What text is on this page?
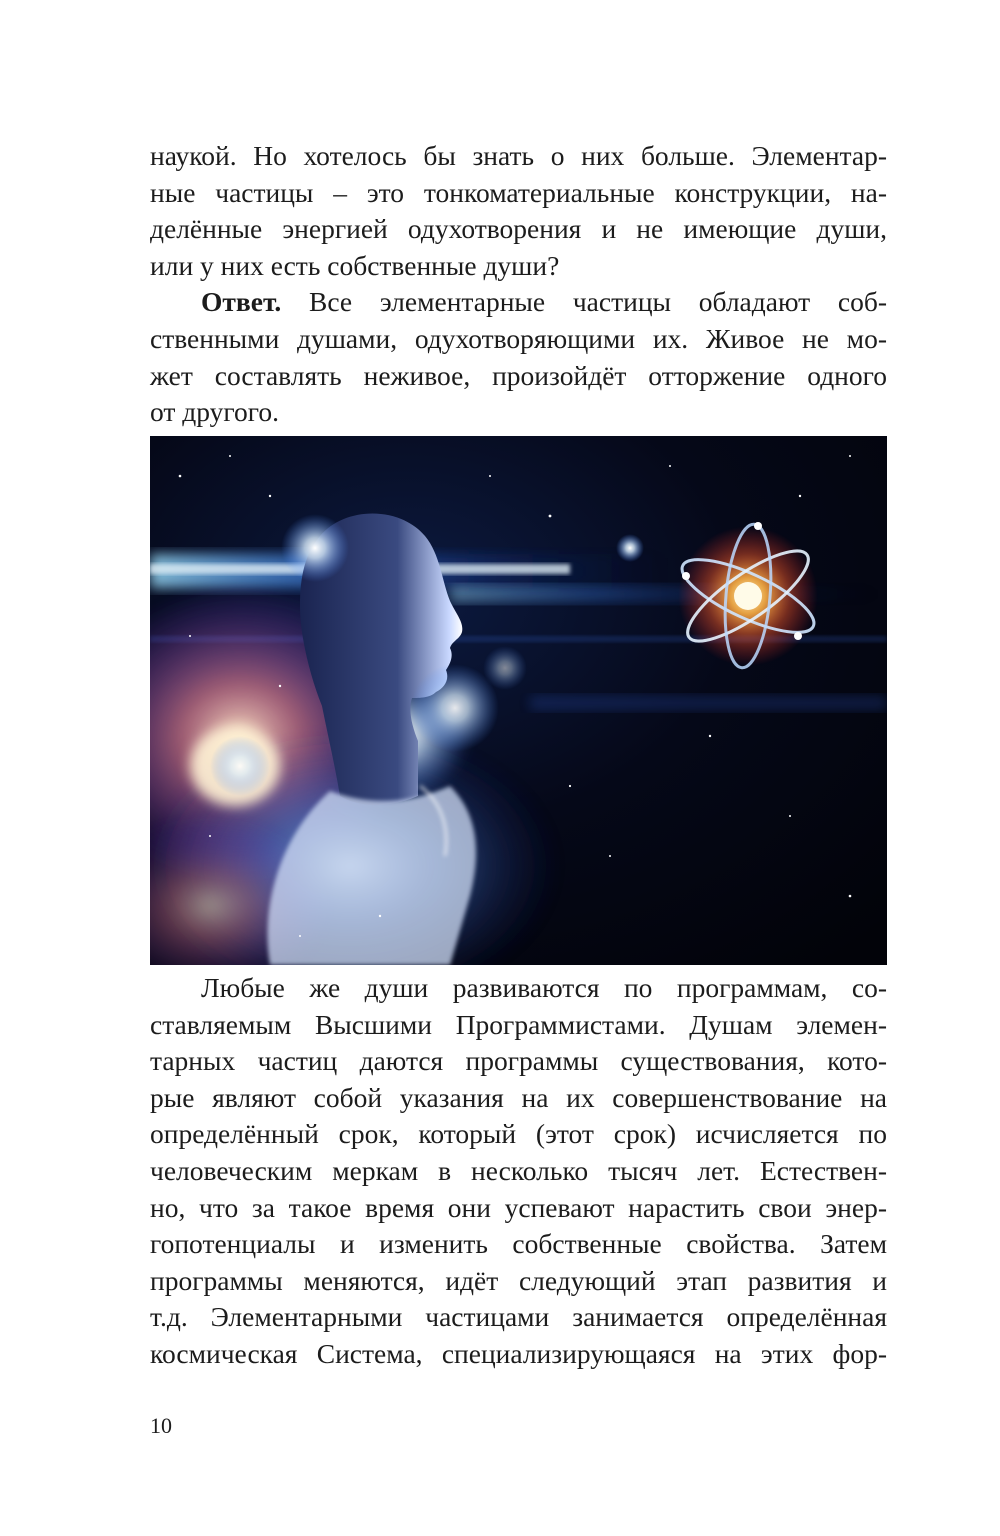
наукой. Но хотелось бы знать о них больше. Элементар-
ные частицы – это тонкоматериальные конструкции, на-
делённые энергией одухотворения и не имеющие души,
или у них есть собственные души?
Ответ. Все элементарные частицы обладают соб-
ственными душами, одухотворяющими их. Живое не мо-
жет составлять неживое, произойдёт отторжение одного
от другого.
Любые же души развиваются по программам, со-
ставляемым Высшими Программистами. Душам элемен-
тарных частиц даются программы существования, кото-
рые являют собой указания на их совершенствование на
определённый срок, который (этот срок) исчисляется по
человеческим меркам в несколько тысяч лет. Естествен-
но, что за такое время они успевают нарастить свои энер-
гопотенциалы и изменить собственные свойства. Затем
программы меняются, идёт следующий этап развития и
т.д. Элементарными частицами занимается определённая
космическая Система, специализирующаяся на этих фор-
10
